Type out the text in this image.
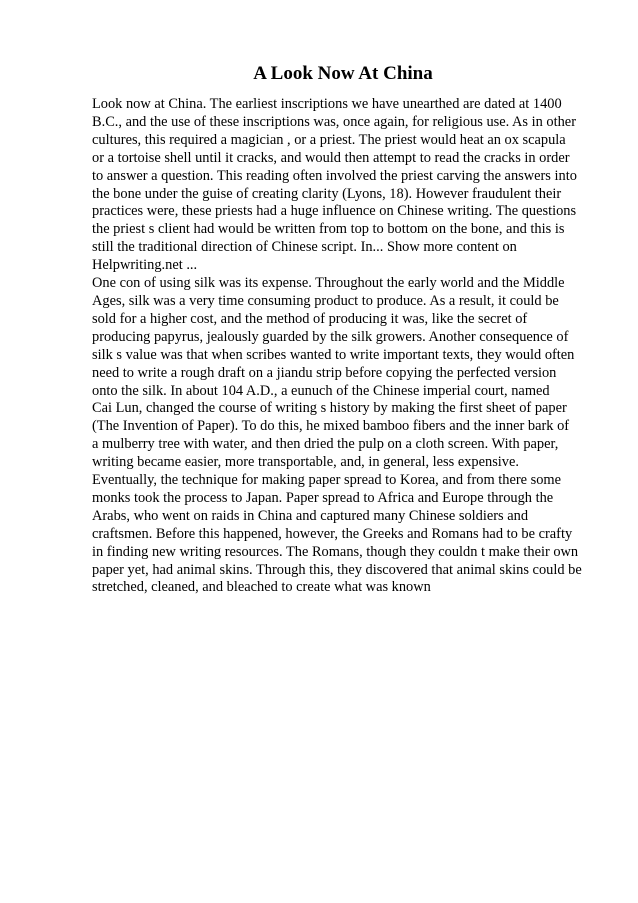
A Look Now At China
Look now at China. The earliest inscriptions we have unearthed are dated at 1400
B.C., and the use of these inscriptions was, once again, for religious use. As in other
cultures, this required a magician , or a priest. The priest would heat an ox scapula
or a tortoise shell until it cracks, and would then attempt to read the cracks in order
to answer a question. This reading often involved the priest carving the answers into
the bone under the guise of creating clarity (Lyons, 18). However fraudulent their
practices were, these priests had a huge influence on Chinese writing. The questions
the priest s client had would be written from top to bottom on the bone, and this is
still the traditional direction of Chinese script. In... Show more content on
Helpwriting.net ...
One con of using silk was its expense. Throughout the early world and the Middle
Ages, silk was a very time consuming product to produce. As a result, it could be
sold for a higher cost, and the method of producing it was, like the secret of
producing papyrus, jealously guarded by the silk growers. Another consequence of
silk s value was that when scribes wanted to write important texts, they would often
need to write a rough draft on a jiandu strip before copying the perfected version
onto the silk. In about 104 A.D., a eunuch of the Chinese imperial court, named
Cai Lun, changed the course of writing s history by making the first sheet of paper
(The Invention of Paper). To do this, he mixed bamboo fibers and the inner bark of
a mulberry tree with water, and then dried the pulp on a cloth screen. With paper,
writing became easier, more transportable, and, in general, less expensive.
Eventually, the technique for making paper spread to Korea, and from there some
monks took the process to Japan. Paper spread to Africa and Europe through the
Arabs, who went on raids in China and captured many Chinese soldiers and
craftsmen. Before this happened, however, the Greeks and Romans had to be crafty
in finding new writing resources. The Romans, though they couldn t make their own
paper yet, had animal skins. Through this, they discovered that animal skins could be
stretched, cleaned, and bleached to create what was known
